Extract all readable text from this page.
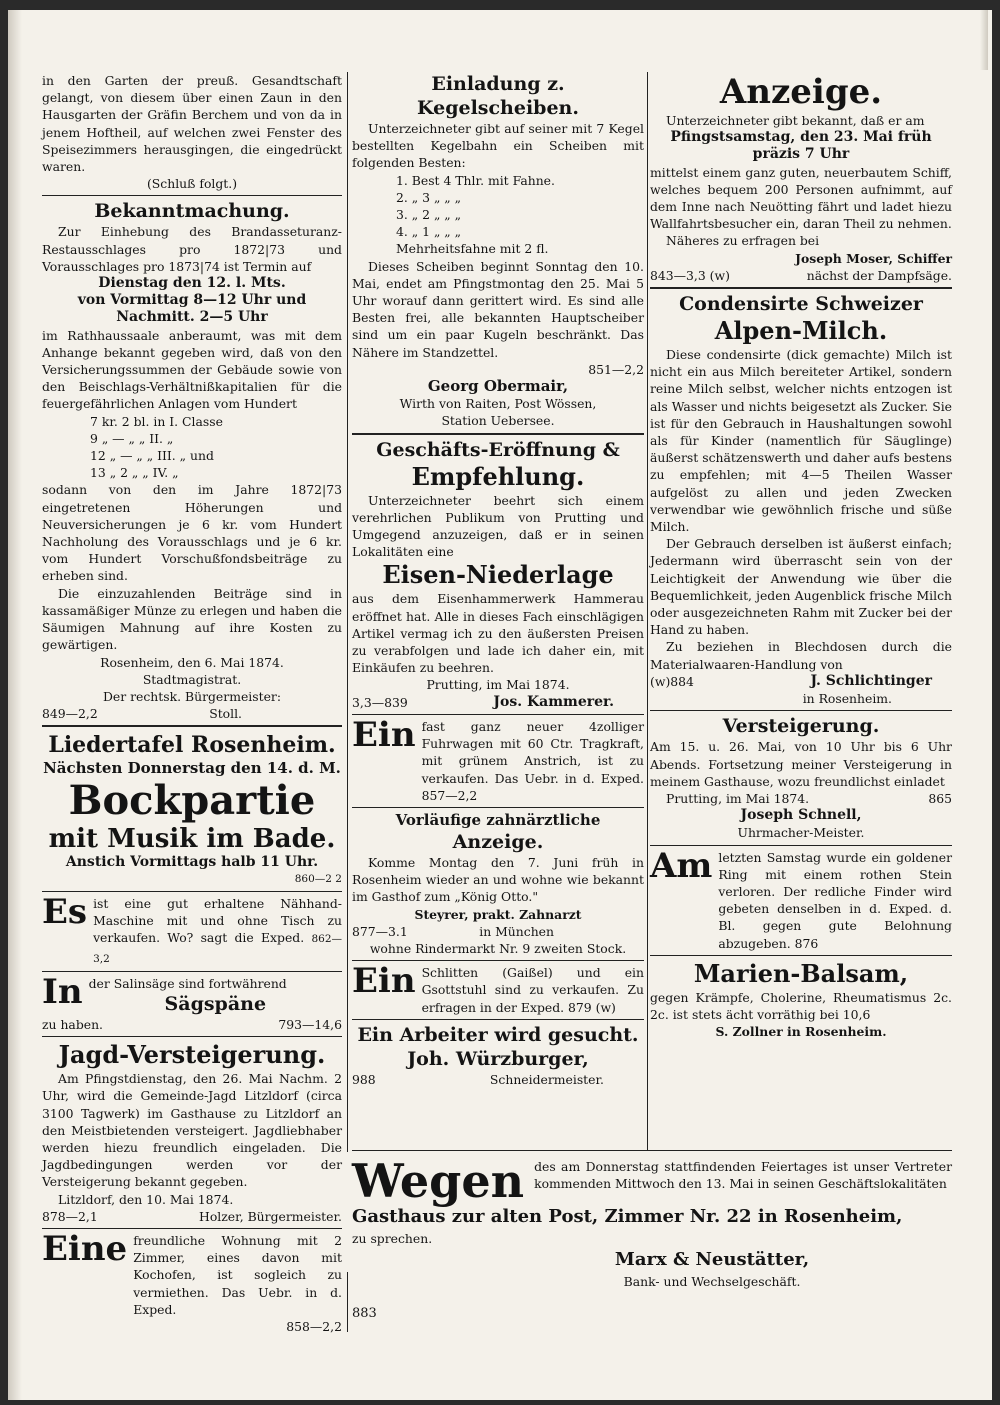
in den Garten der preuß. Gesandtschaft gelangt, von diesem über einen Zaun in den Hausgarten der Gräfin Berchem und von da in jenem Hoftheil, auf welchen zwei Fenster des Speisezimmers herausgingen, die eingedrückt waren.

(Schluß folgt.)
Bekanntmachung.

Zur Einhebung des Brandasseturanz-Restausschlages pro 1872|73 und Vorausschlages pro 1873|74 ist Termin auf

Dienstag den 12. l. Mts.
von Vormittag 8—12 Uhr und
Nachmitt. 2—5 Uhr

im Rathhaussaale anberaumt, was mit dem Anhange bekannt gegeben wird, daß von den Versicherungssummen der Gebäude sowie von den Beischlags-Verhältnißkapitalien für die feuergefährlichen Anlagen vom Hundert

7 kr. 2 bl. in I. Classe
9 „ — „ „ II. „
12 „ — „ „ III. „ und
13 „ 2 „ „ IV. „

sodann von den im Jahre 1872|73 eingetretenen Höherungen und Neuversicherungen je 6 kr. vom Hundert Nachholung des Vorausschlags und je 6 kr. vom Hundert Vorschußfondsbeiträge zu erheben sind.

Die einzuzahlenden Beiträge sind in kassamäßiger Münze zu erlegen und haben die Säumigen Mahnung auf ihre Kosten zu gewärtigen.

Rosenheim, den 6. Mai 1874.
Stadtmagistrat.
Der rechtsk. Bürgermeister:
849—2,2	Stoll.
Liedertafel Rosenheim.
Nächsten Donnerstag den 14. d. M.
Bockpartie
mit Musik im Bade.
Anstich Vormittags halb 11 Uhr.
860—2 2
Es ist eine gut erhaltene Nähhand-Maschine mit und ohne Tisch zu verkaufen. Wo? sagt die Exped. 862—3,2

In der Salinsäge sind fortwährend
Sägspäne
zu haben.	793—14,6
Jagd-Versteigerung.

Am Pfingstdienstag, den 26. Mai Nachm. 2 Uhr, wird die Gemeinde-Jagd Litzldorf (circa 3100 Tagwerk) im Gasthause zu Litzldorf an den Meistbietenden versteigert. Jagdliebhaber werden hiezu freundlich eingeladen. Die Jagdbedingungen werden vor der Versteigerung bekannt gegeben.

Litzldorf, den 10. Mai 1874.
878—2,1	Holzer, Bürgermeister.
Eine freundliche Wohnung mit 2 Zimmer, eines davon mit Kochofen, ist sogleich zu vermiethen. Das Uebr. in d. Exped.

858—2,2
Einladung z. Kegelscheiben.

Unterzeichneter gibt auf seiner mit 7 Kegel bestellten Kegelbahn ein Scheiben mit folgenden Besten:

1. Best 4 Thlr. mit Fahne.
2. „ 3 „ „ „
3. „ 2 „ „ „
4. „ 1 „ „ „
Mehrheitsfahne mit 2 fl.

Dieses Scheiben beginnt Sonntag den 10. Mai, endet am Pfingstmontag den 25. Mai 5 Uhr worauf dann gerittert wird. Es sind alle Besten frei, alle bekannten Hauptscheiber sind um ein paar Kugeln beschränkt. Das Nähere im Standzettel.

851—2,2
Georg Obermair,
Wirth von Raiten, Post Wössen,
Station Uebersee.
Geschäfts-Eröffnung &
Empfehlung.

Unterzeichneter beehrt sich einem verehrlichen Publikum von Prutting und Umgegend anzuzeigen, daß er in seinen Lokalitäten eine

Eisen-Niederlage

aus dem Eisenhammerwerk Hammerau eröffnet hat. Alle in dieses Fach einschlägigen Artikel vermag ich zu den äußersten Preisen zu verabfolgen und lade ich daher ein, mit Einkäufen zu beehren.

Prutting, im Mai 1874.
3,3—839	Jos. Kammerer.
Ein fast ganz neuer 4zolliger Fuhrwagen mit 60 Ctr. Tragkraft, mit grünem Anstrich, ist zu verkaufen. Das Uebr. in d. Exped. 857—2,2

Vorläufige zahnärztliche
Anzeige.

Komme Montag den 7. Juni früh in Rosenheim wieder an und wohne wie bekannt im Gasthof zum „König Otto."

Steyrer, prakt. Zahnarzt
877—3.1	in München
wohne Rindermarkt Nr. 9 zweiten Stock.
Ein Schlitten (Gaißel) und ein Gsottstuhl sind zu verkaufen. Zu erfragen in der Exped. 879 (w)

Ein Arbeiter wird gesucht.
Joh. Würzburger,
988	Schneidermeister.
Anzeige.

Unterzeichneter gibt bekannt, daß er am

Pfingstsamstag, den 23. Mai früh
präzis 7 Uhr

mittelst einem ganz guten, neuerbautem Schiff, welches bequem 200 Personen aufnimmt, auf dem Inne nach Neuötting fährt und ladet hiezu Wallfahrtsbesucher ein, daran Theil zu nehmen.

Näheres zu erfragen bei
Joseph Moser, Schiffer
843—3,3 (w)	nächst der Dampfsäge.
Condensirte Schweizer
Alpen-Milch.

Diese condensirte (dick gemachte) Milch ist nicht ein aus Milch bereiteter Artikel, sondern reine Milch selbst, welcher nichts entzogen ist als Wasser und nichts beigesetzt als Zucker. Sie ist für den Gebrauch in Haushaltungen sowohl als für Kinder (namentlich für Säuglinge) äußerst schätzenswerth und daher aufs bestens zu empfehlen; mit 4—5 Theilen Wasser aufgelöst zu allen und jeden Zwecken verwendbar wie gewöhnlich frische und süße Milch.

Der Gebrauch derselben ist äußerst einfach; Jedermann wird überrascht sein von der Leichtigkeit der Anwendung wie über die Bequemlichkeit, jeden Augenblick frische Milch oder ausgezeichneten Rahm mit Zucker bei der Hand zu haben.

Zu beziehen in Blechdosen durch die Materialwaaren-Handlung von

(w)884	J. Schlichtinger
in Rosenheim.
Versteigerung.

Am 15. u. 26. Mai, von 10 Uhr bis 6 Uhr Abends. Fortsetzung meiner Versteigerung in meinem Gasthause, wozu freundlichst einladet

Prutting, im Mai 1874.	865
Joseph Schnell,
Uhrmacher-Meister.
Am letzten Samstag wurde ein goldener Ring mit einem rothen Stein verloren. Der redliche Finder wird gebeten denselben in d. Exped. d. Bl. gegen gute Belohnung abzugeben. 876

Marien-Balsam,

gegen Krämpfe, Cholerine, Rheumatismus 2c. 2c. ist stets ächt vorräthig bei 10,6

S. Zollner in Rosenheim.
Wegen des am Donnerstag stattfindenden Feiertages ist unser Vertreter kommenden Mittwoch den 13. Mai in seinen Geschäftslokalitäten

Gasthaus zur alten Post, Zimmer Nr. 22 in Rosenheim,
zu sprechen.
Marx & Neustätter,
Bank- und Wechselgeschäft.
883
